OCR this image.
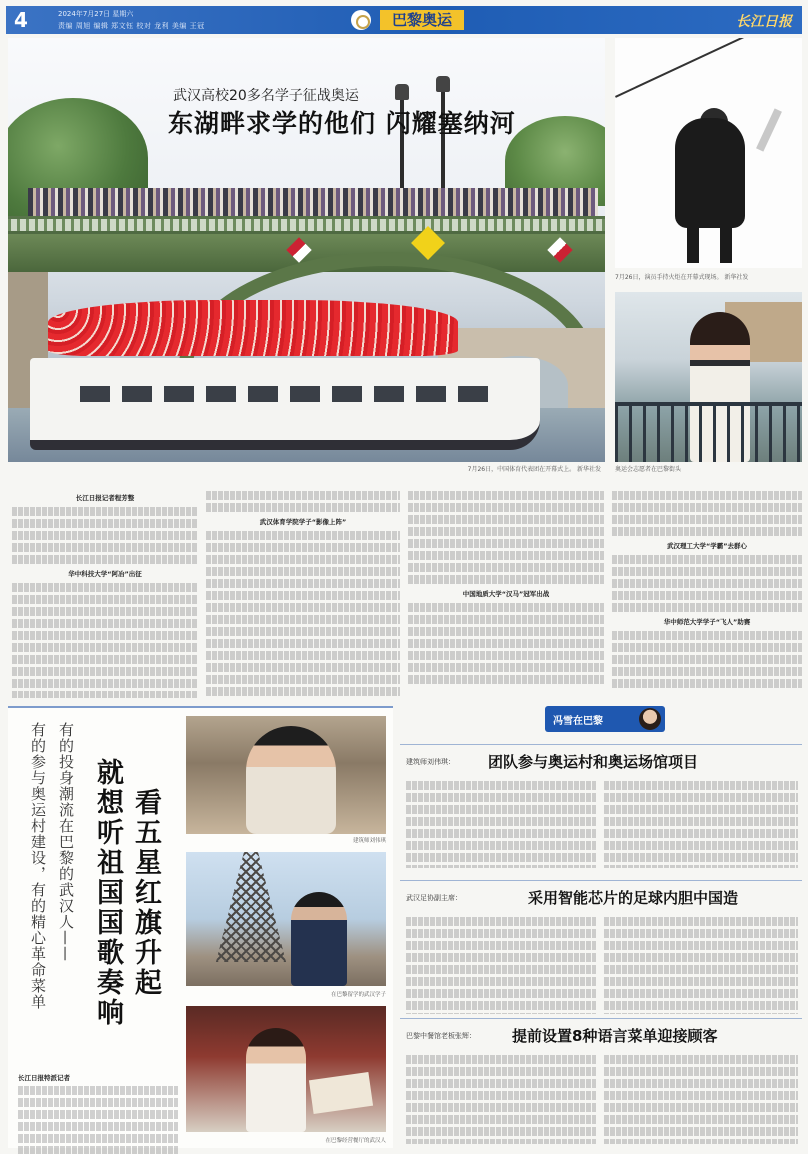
4	2024年7月27日 星期六
责编 周旭 编辑 郑文钰 校对 龙利 美编 王冠	巴黎奥运	长江日报
武汉高校20多名学子征战奥运
东湖畔求学的他们 闪耀塞纳河
7月26日，中国体育代表团在开幕式上。 新华社发
7月26日，演员手持火炬在开幕式现场。 新华社发
奥运会志愿者在巴黎街头
长江日报记者程芳整
华中科技大学“阿冶”出征
武汉体育学院学子“影像上阵”
中国地质大学“汉马”冠军出战
武汉理工大学“学霸”去群心
华中师范大学学子“飞人”助赛
看五星红旗升起
就想听祖国国歌奏响
有的投身潮流在巴黎的武汉人——
有的参与奥运村建设，有的精心革命菜单	建筑师刘伟琪
在巴黎留学的武汉学子
在巴黎经营餐厅的武汉人
长江日报特派记者
冯雪在巴黎
建筑师刘伟琪： 团队参与奥运村和奥运场馆项目
武汉足协副主席：	采用智能芯片的足球内胆中国造
巴黎中餐馆老板张辉： 提前设置8种语言菜单迎接顾客
